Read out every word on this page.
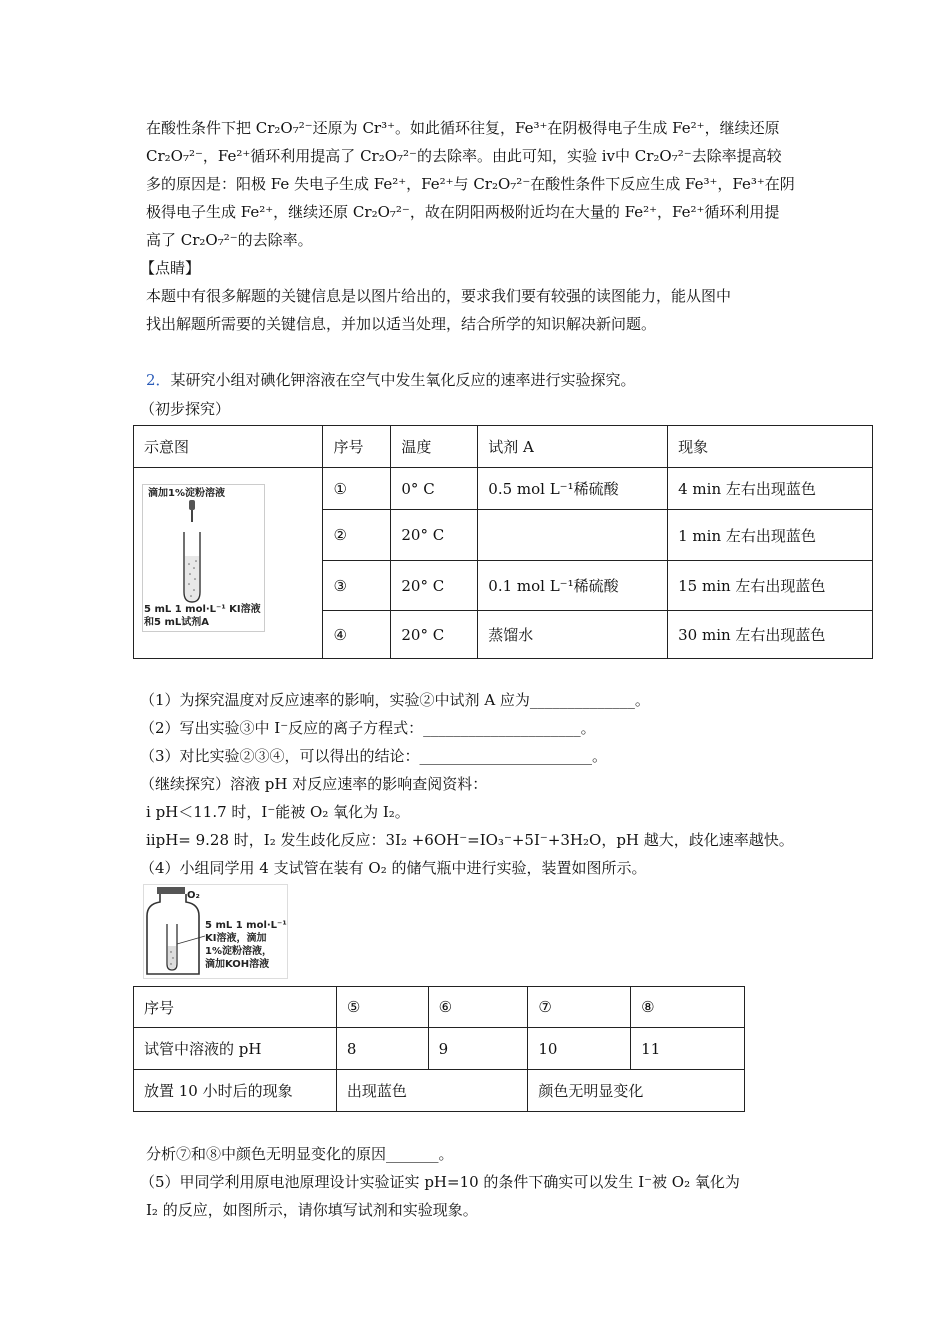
在酸性条件下把 Cr₂O₇²⁻还原为 Cr³⁺。如此循环往复，Fe³⁺在阴极得电子生成 Fe²⁺，继续还原
Cr₂O₇²⁻，Fe²⁺循环利用提高了 Cr₂O₇²⁻的去除率。由此可知，实验 iv中 Cr₂O₇²⁻去除率提高较
多的原因是：阳极 Fe 失电子生成 Fe²⁺，Fe²⁺与 Cr₂O₇²⁻在酸性条件下反应生成 Fe³⁺，Fe³⁺在阴
极得电子生成 Fe²⁺，继续还原 Cr₂O₇²⁻，故在阴阳两极附近均在大量的 Fe²⁺，Fe²⁺循环利用提
高了 Cr₂O₇²⁻的去除率。
【点睛】
本题中有很多解题的关键信息是以图片给出的，要求我们要有较强的读图能力，能从图中
找出解题所需要的关键信息，并加以适当处理，结合所学的知识解决新问题。
2．某研究小组对碘化钾溶液在空气中发生氧化反应的速率进行实验探究。
（初步探究）
示意图	序号	温度	试剂 A	现象

滴加1%淀粉溶液
5 mL 1 mol·L⁻¹ KI溶液
和5 mL试剂A	①	0° C	0.5 mol L⁻¹稀硫酸	4 min 左右出现蓝色
	②	20° C		1 min 左右出现蓝色
	③	20° C	0.1 mol L⁻¹稀硫酸	15 min 左右出现蓝色
	④	20° C	蒸馏水	30 min 左右出现蓝色
（1）为探究温度对反应速率的影响，实验②中试剂 A 应为______________。
（2）写出实验③中 I⁻反应的离子方程式：_____________________。
（3）对比实验②③④，可以得出的结论：_______________________。
（继续探究）溶液 pH 对反应速率的影响查阅资料：
i pH＜11.7 时，I⁻能被 O₂ 氧化为 I₂。
iipH= 9.28 时，I₂ 发生歧化反应：3I₂ +6OH⁻=IO₃⁻+5I⁻+3H₂O，pH 越大，歧化速率越快。
（4）小组同学用 4 支试管在装有 O₂ 的储气瓶中进行实验，装置如图所示。
O₂
5 mL 1 mol·L⁻¹
KI溶液，滴加
1%淀粉溶液，
滴加KOH溶液
序号	⑤	⑥	⑦	⑧
试管中溶液的 pH	8	9	10	11
放置 10 小时后的现象	出现蓝色		颜色无明显变化	
分析⑦和⑧中颜色无明显变化的原因_______。
（5）甲同学利用原电池原理设计实验证实 pH=10 的条件下确实可以发生 I⁻被 O₂ 氧化为
I₂ 的反应，如图所示，请你填写试剂和实验现象。
